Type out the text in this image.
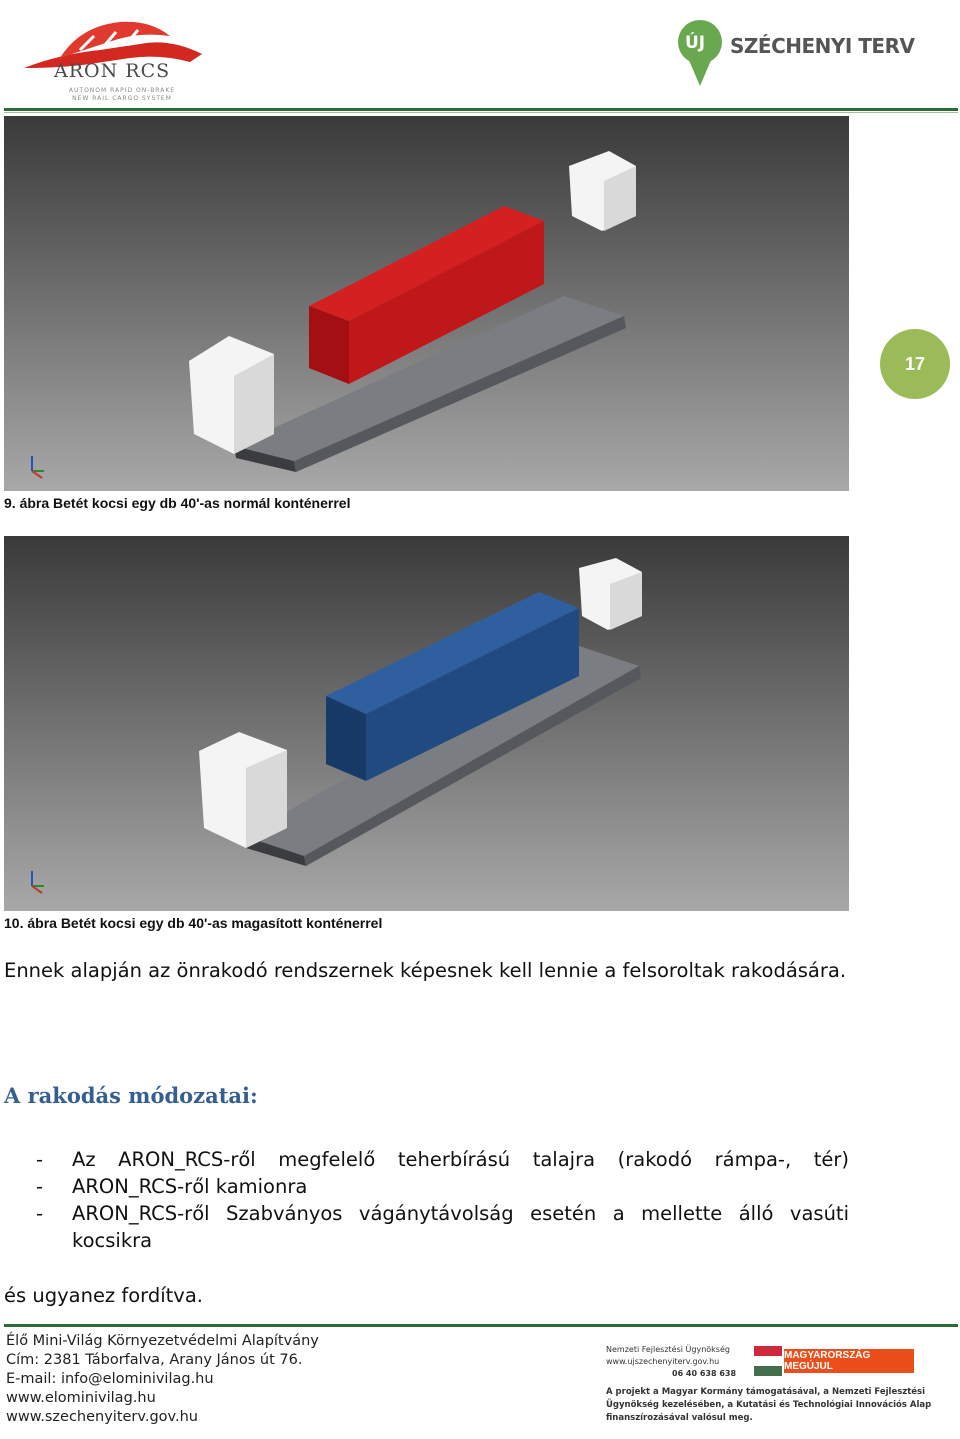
ARON RCS
AUTONOM RAPID ON-BRAKE
NEW RAIL CARGO SYSTEM
ÚJ SZÉCHENYI TERV
9. ábra Betét kocsi egy db 40'-as normál konténerrel
17
10. ábra Betét kocsi egy db 40'-as magasított konténerrel
Ennek alapján az önrakodó rendszernek képesnek kell lennie a felsoroltak rakodására.
A rakodás módozatai:
- Az ARON_RCS-ről megfelelő teherbírású talajra (rakodó rámpa-, tér)
- ARON_RCS-ről kamionra
- ARON_RCS-ről Szabványos vágánytávolság esetén a mellette álló vasúti kocsikra
és ugyanez fordítva.
Élő Mini-Világ Környezetvédelmi Alapítvány
Cím: 2381 Táborfalva, Arany János út 76.
E-mail: info@elominivilag.hu
www.elominivilag.hu
www.szechenyiterv.gov.hu
Nemzeti Fejlesztési Ügynökség
www.ujszechenyiterv.gov.hu
06 40 638 638
MAGYARORSZÁG MEGÚJUL
A projekt a Magyar Kormány támogatásával, a Nemzeti Fejlesztési Ügynökség kezelésében, a Kutatási és Technológiai Innovációs Alap finanszírozásával valósul meg.
